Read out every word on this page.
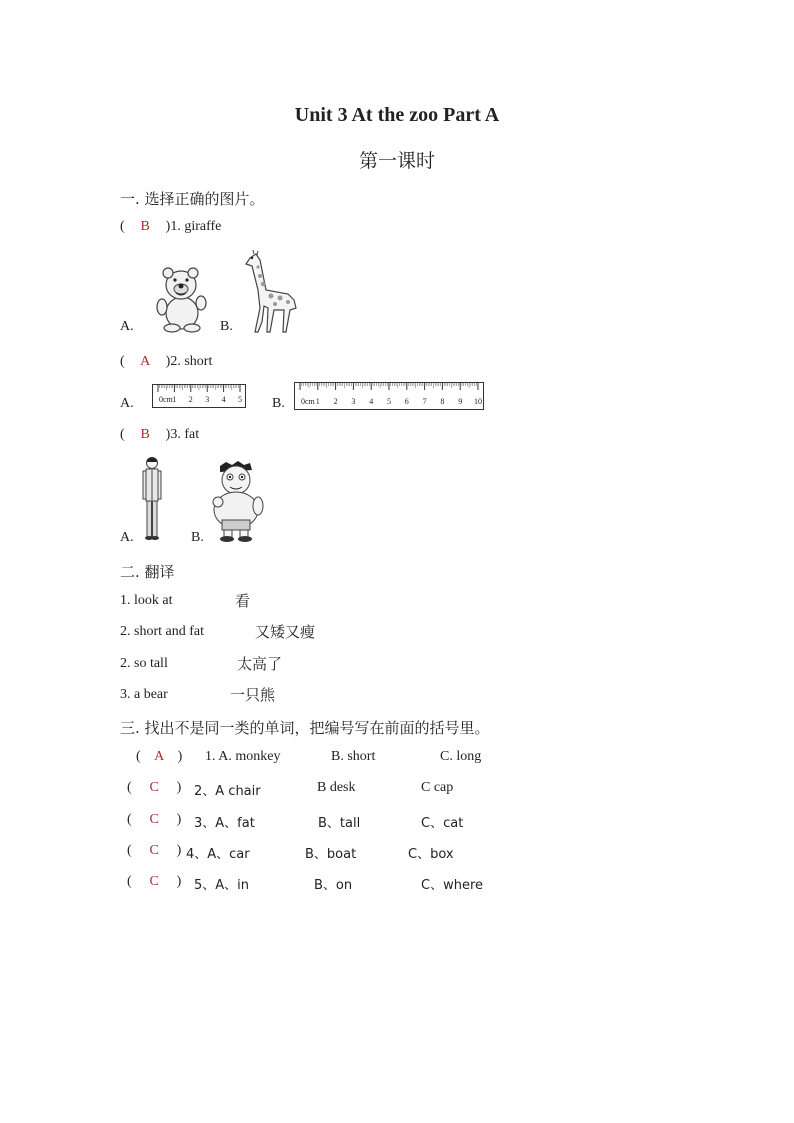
Unit 3 At the zoo Part A
第一课时
一. 选择正确的图片。
( B )1. giraffe
A.	B.
( A )2. short
A.	B.
0cm 1 2 3 4 5	0cm 1 2 3 4 5 6 7 8 9 10
( B )3. fat
A.	B.
二. 翻译
1. look at	看
2. short and fat	又矮又瘦
2. so tall	太高了
3. a bear	一只熊
三. 找出不是同一类的单词，把编号写在前面的括号里。
( A ) 1. A. monkey	B. short	C. long
( C ) 2、A chair	B desk	C cap
( C ) 3、A、fat	B、tall	C、cat
( C ) 4、A、car	B、boat	C、box
( C ) 5、A、in	B、on	C、where
